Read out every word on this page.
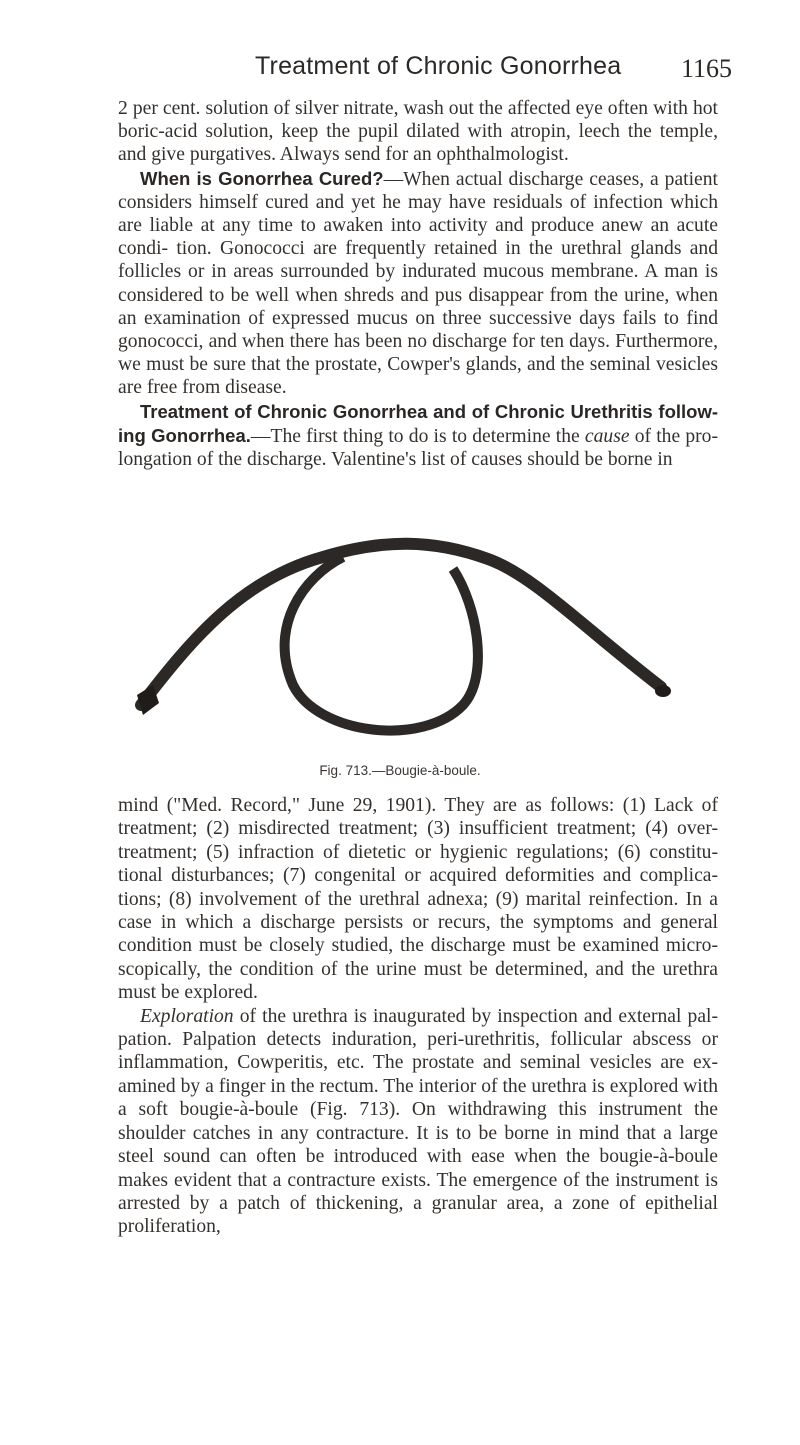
Treatment of Chronic Gonorrhea 1165

2 per cent. solution of silver nitrate, wash out the affected eye often with hot boric-acid solution, keep the pupil dilated with atropin, leech the temple, and give purgatives. Always send for an ophthalmologist.

When is Gonorrhea Cured?—When actual discharge ceases, a patient considers himself cured and yet he may have residuals of infection which are liable at any time to awaken into activity and produce anew an acute condi- tion. Gonococci are frequently retained in the urethral glands and follicles or in areas surrounded by indurated mucous membrane. A man is considered to be well when shreds and pus disappear from the urine, when an examination of expressed mucus on three successive days fails to find gonococci, and when there has been no discharge for ten days. Furthermore, we must be sure that the prostate, Cowper's glands, and the seminal vesicles are free from disease.

Treatment of Chronic Gonorrhea and of Chronic Urethritis follow- ing Gonorrhea.—The first thing to do is to determine the cause of the pro- longation of the discharge. Valentine's list of causes should be borne in

Fig. 713.—Bougie-à-boule.

mind ("Med. Record," June 29, 1901). They are as follows: (1) Lack of treatment; (2) misdirected treatment; (3) insufficient treatment; (4) over- treatment; (5) infraction of dietetic or hygienic regulations; (6) constitu- tional disturbances; (7) congenital or acquired deformities and complica- tions; (8) involvement of the urethral adnexa; (9) marital reinfection. In a case in which a discharge persists or recurs, the symptoms and general condition must be closely studied, the discharge must be examined micro- scopically, the condition of the urine must be determined, and the urethra must be explored.

Exploration of the urethra is inaugurated by inspection and external pal- pation. Palpation detects induration, peri-urethritis, follicular abscess or inflammation, Cowperitis, etc. The prostate and seminal vesicles are ex- amined by a finger in the rectum. The interior of the urethra is explored with a soft bougie-à-boule (Fig. 713). On withdrawing this instrument the shoulder catches in any contracture. It is to be borne in mind that a large steel sound can often be introduced with ease when the bougie-à-boule makes evident that a contracture exists. The emergence of the instrument is arrested by a patch of thickening, a granular area, a zone of epithelial proliferation,
